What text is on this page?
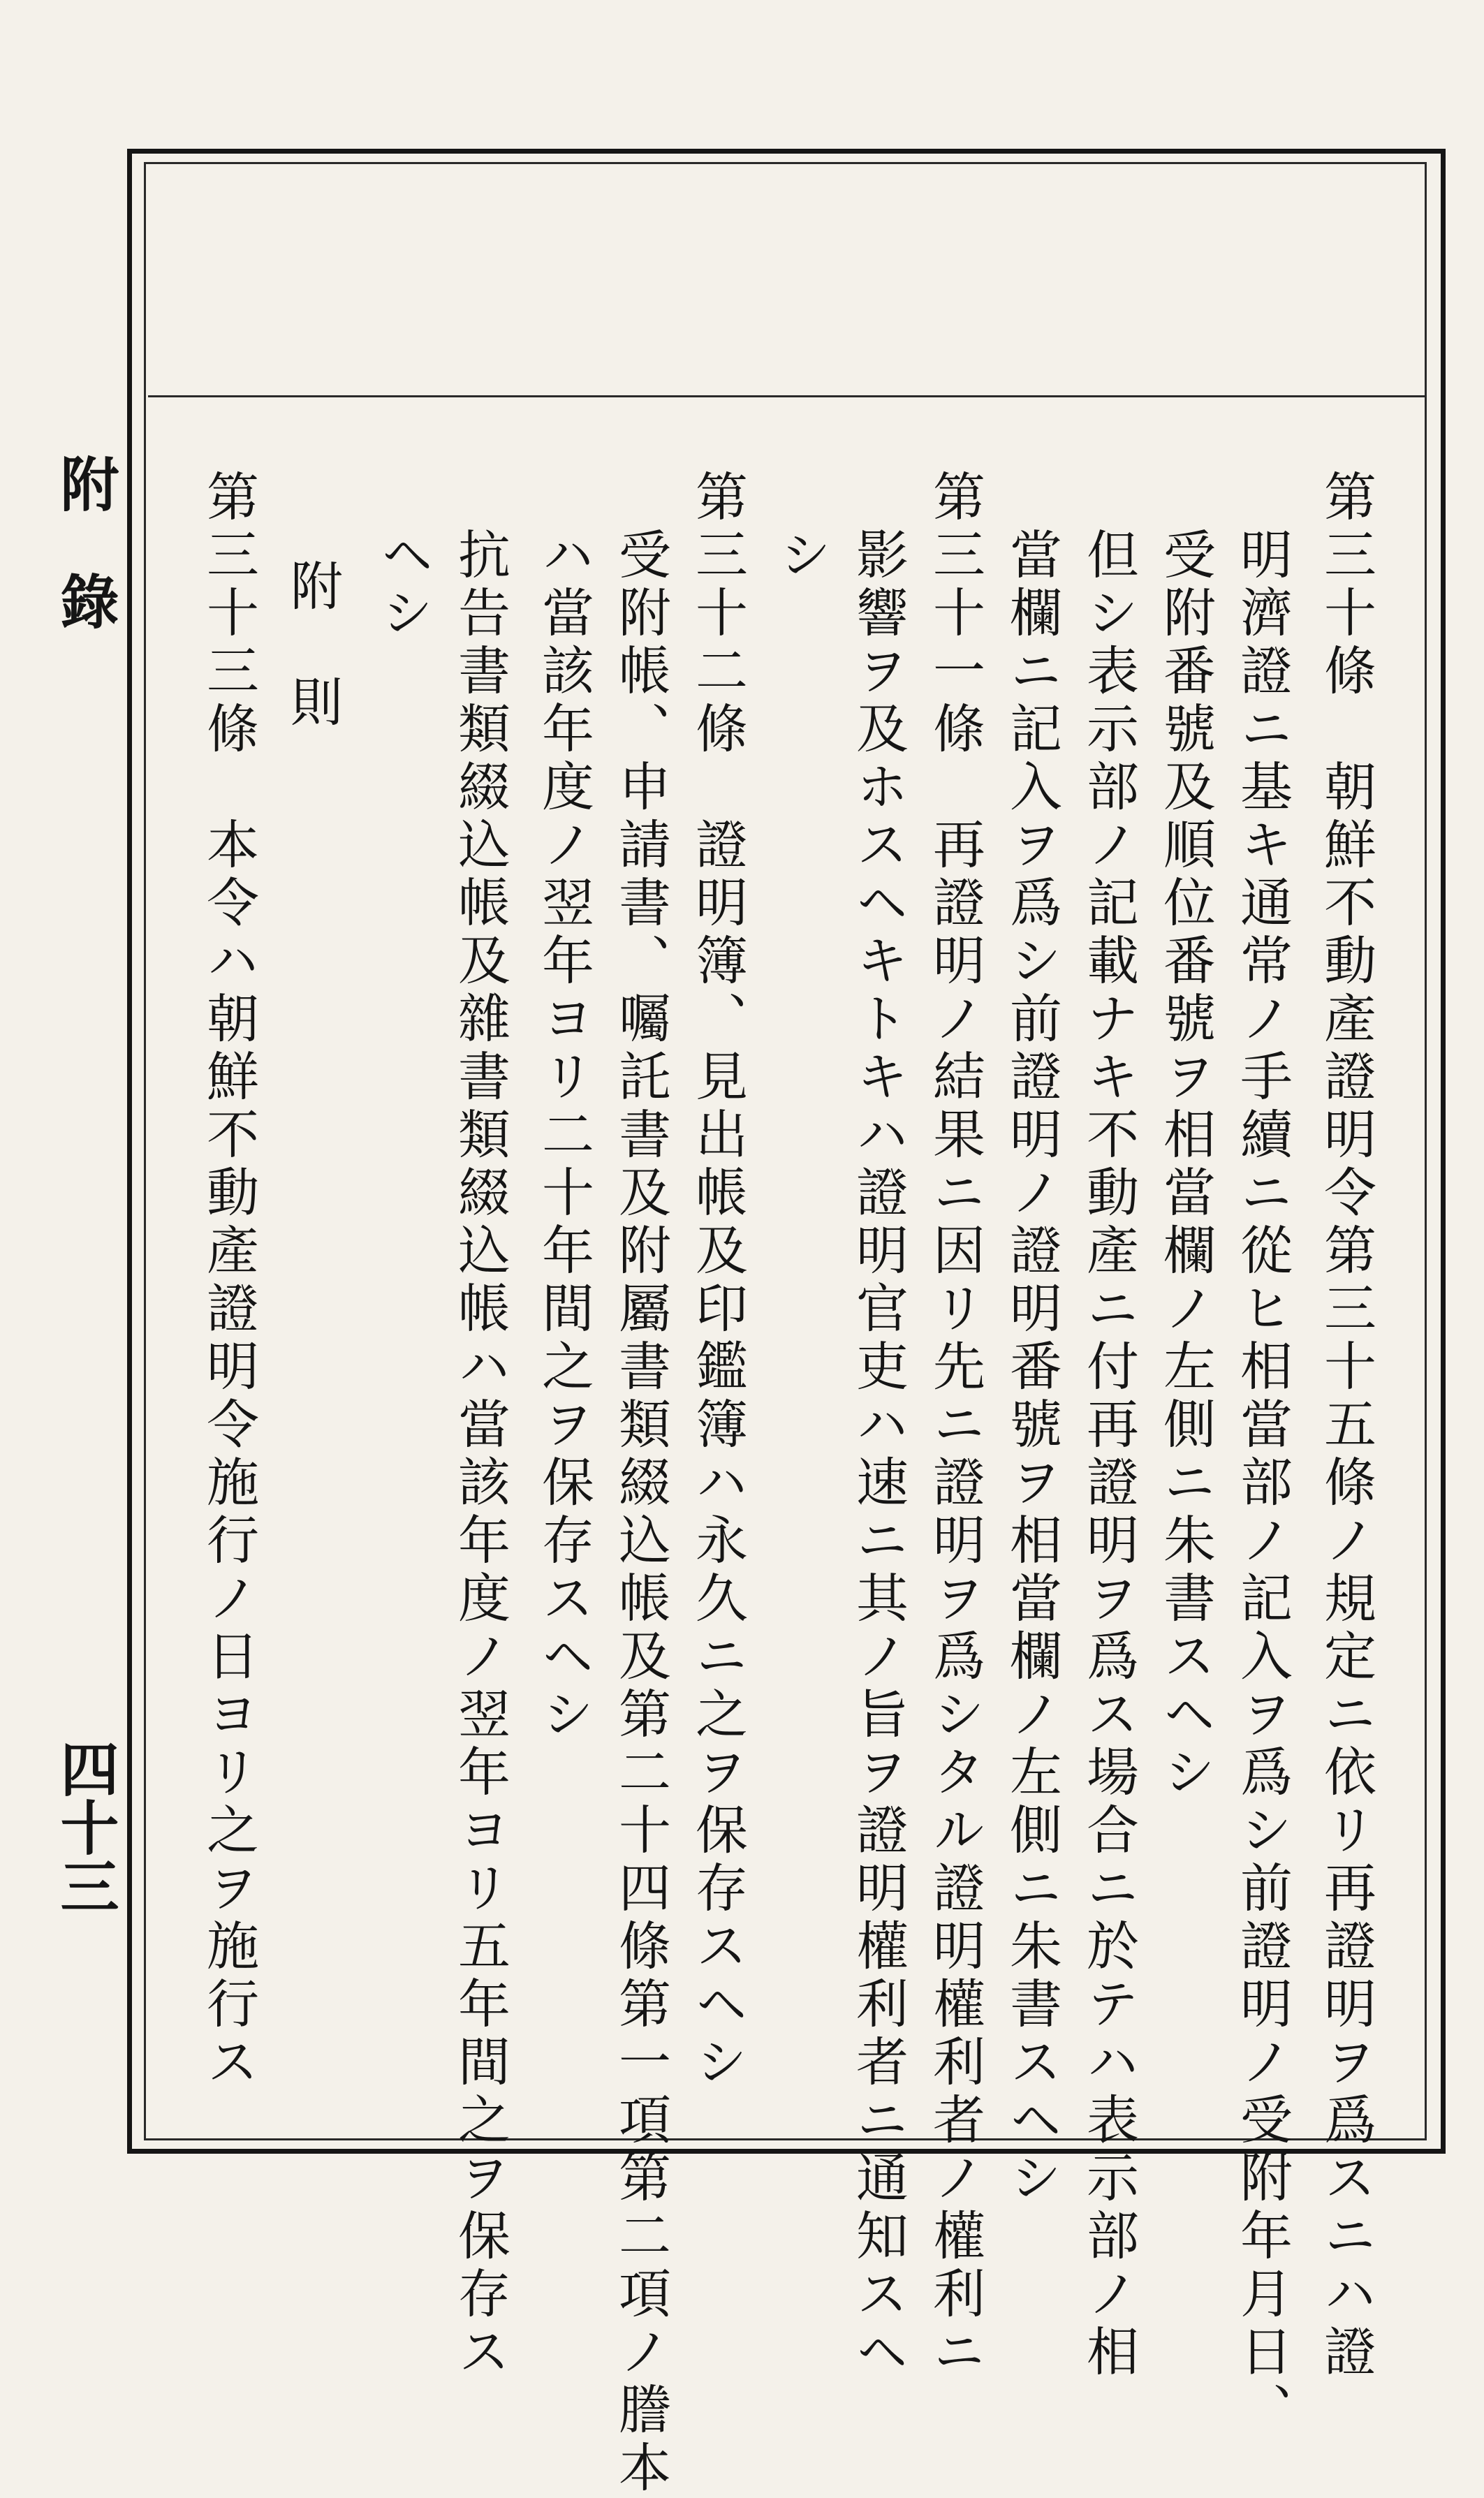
附　錄
四十三	第三十條　朝鮮不動產證明令第三十五條ノ規定ニ依リ再證明ヲ爲スニハ證
明濟證ニ基キ通常ノ手續ニ從ヒ相當部ノ記入ヲ爲シ前證明ノ受附年月日、
受附番號及順位番號ヲ相當欄ノ左側ニ朱書スヘシ
但シ表示部ノ記載ナキ不動產ニ付再證明ヲ爲ス場合ニ於テハ表示部ノ相
當欄ニ記入ヲ爲シ前證明ノ證明番號ヲ相當欄ノ左側ニ朱書スヘシ
第三十一條　再證明ノ結果ニ因リ先ニ證明ヲ爲シタル證明權利者ノ權利ニ
影響ヲ及ホスヘキトキハ證明官吏ハ速ニ其ノ旨ヲ證明權利者ニ通知スヘ
シ
第三十二條　證明簿、見出帳及印鑑簿ハ永久ニ之ヲ保存スヘシ
受附帳、申請書、囑託書及附屬書類綴込帳及第二十四條第一項第二項ノ謄本
ハ當該年度ノ翌年ヨリ二十年間之ヲ保存スヘシ
抗告書類綴込帳及雜書類綴込帳ハ當該年度ノ翌年ヨリ五年間之ヲ保存ス
ヘシ
附　則
第三十三條　本令ハ朝鮮不動產證明令施行ノ日ヨリ之ヲ施行ス
